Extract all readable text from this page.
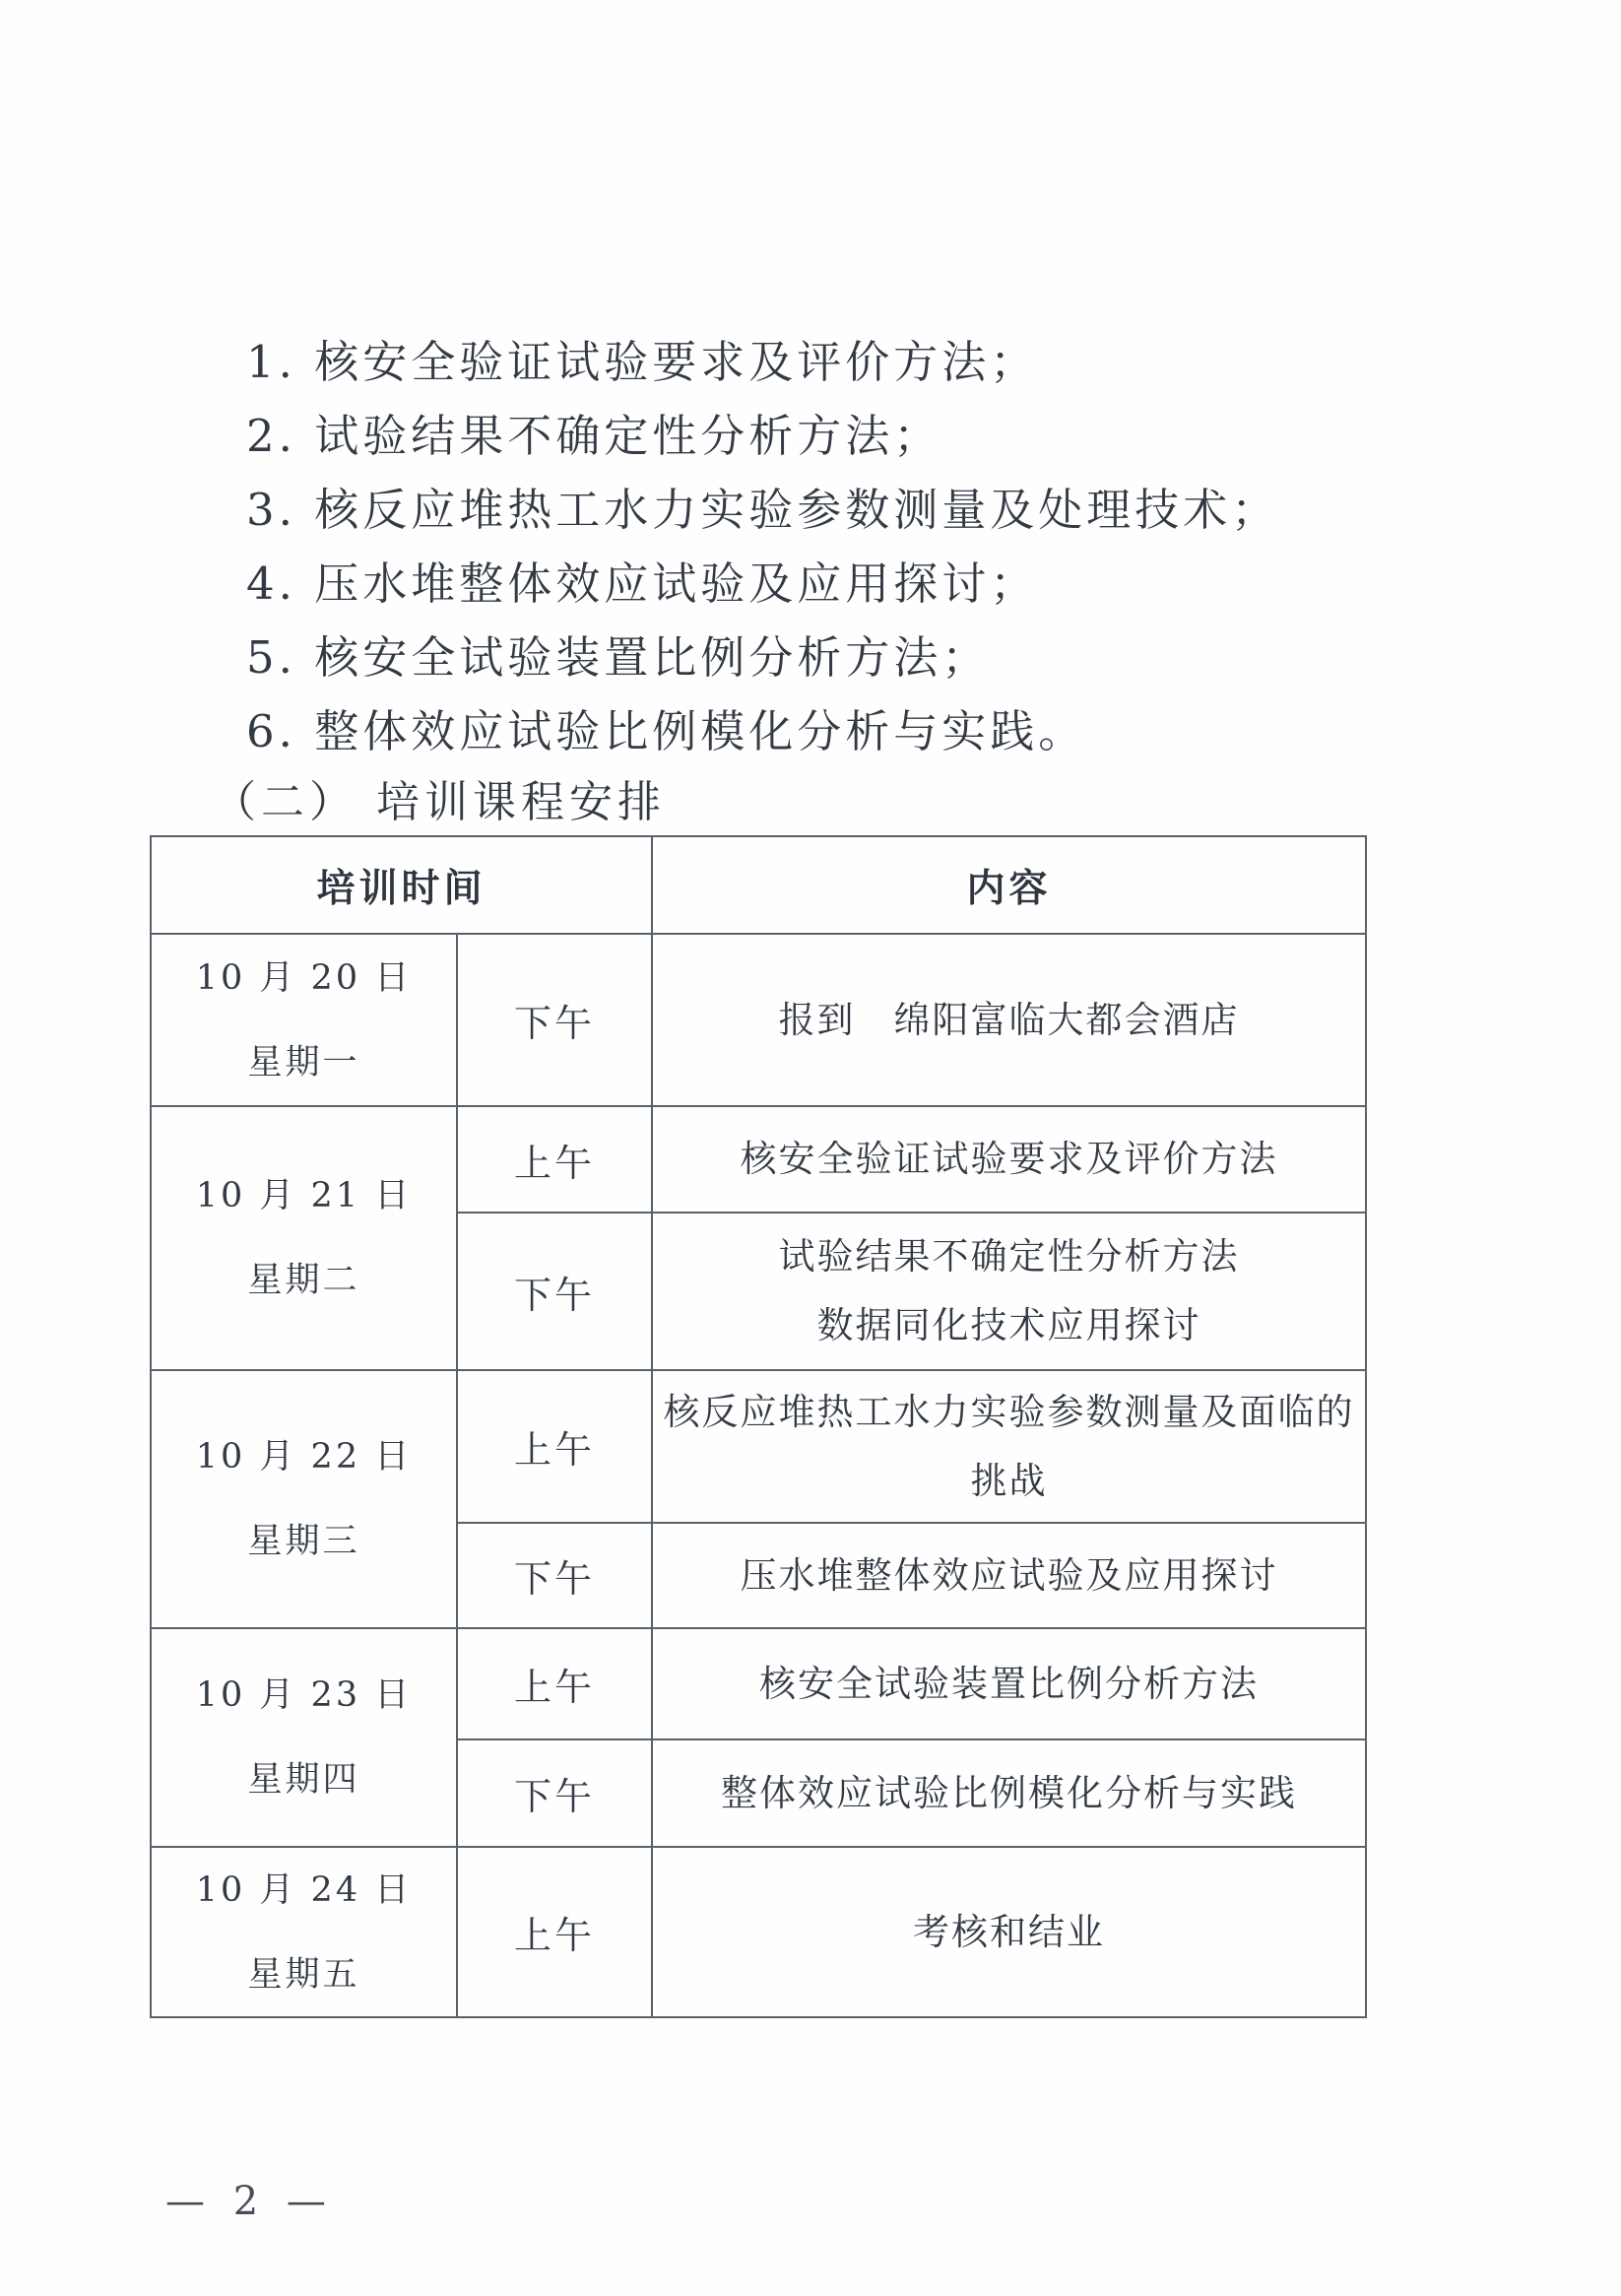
1. 核安全验证试验要求及评价方法；
2. 试验结果不确定性分析方法；
3. 核反应堆热工水力实验参数测量及处理技术；
4. 压水堆整体效应试验及应用探讨；
5. 核安全试验装置比例分析方法；
6. 整体效应试验比例模化分析与实践。
（二） 培训课程安排
培训时间		内容

10 月 20 日
星期一	下午	报到　绵阳富临大都会酒店

10 月 21 日
星期二	上午	核安全验证试验要求及评价方法

	下午	试验结果不确定性分析方法
数据同化技术应用探讨

10 月 22 日
星期三	上午	核反应堆热工水力实验参数测量及面临的
挑战

	下午	压水堆整体效应试验及应用探讨

10 月 23 日
星期四	上午	核安全试验装置比例分析方法

	下午	整体效应试验比例模化分析与实践

10 月 24 日
星期五	上午	考核和结业
— 2 —
